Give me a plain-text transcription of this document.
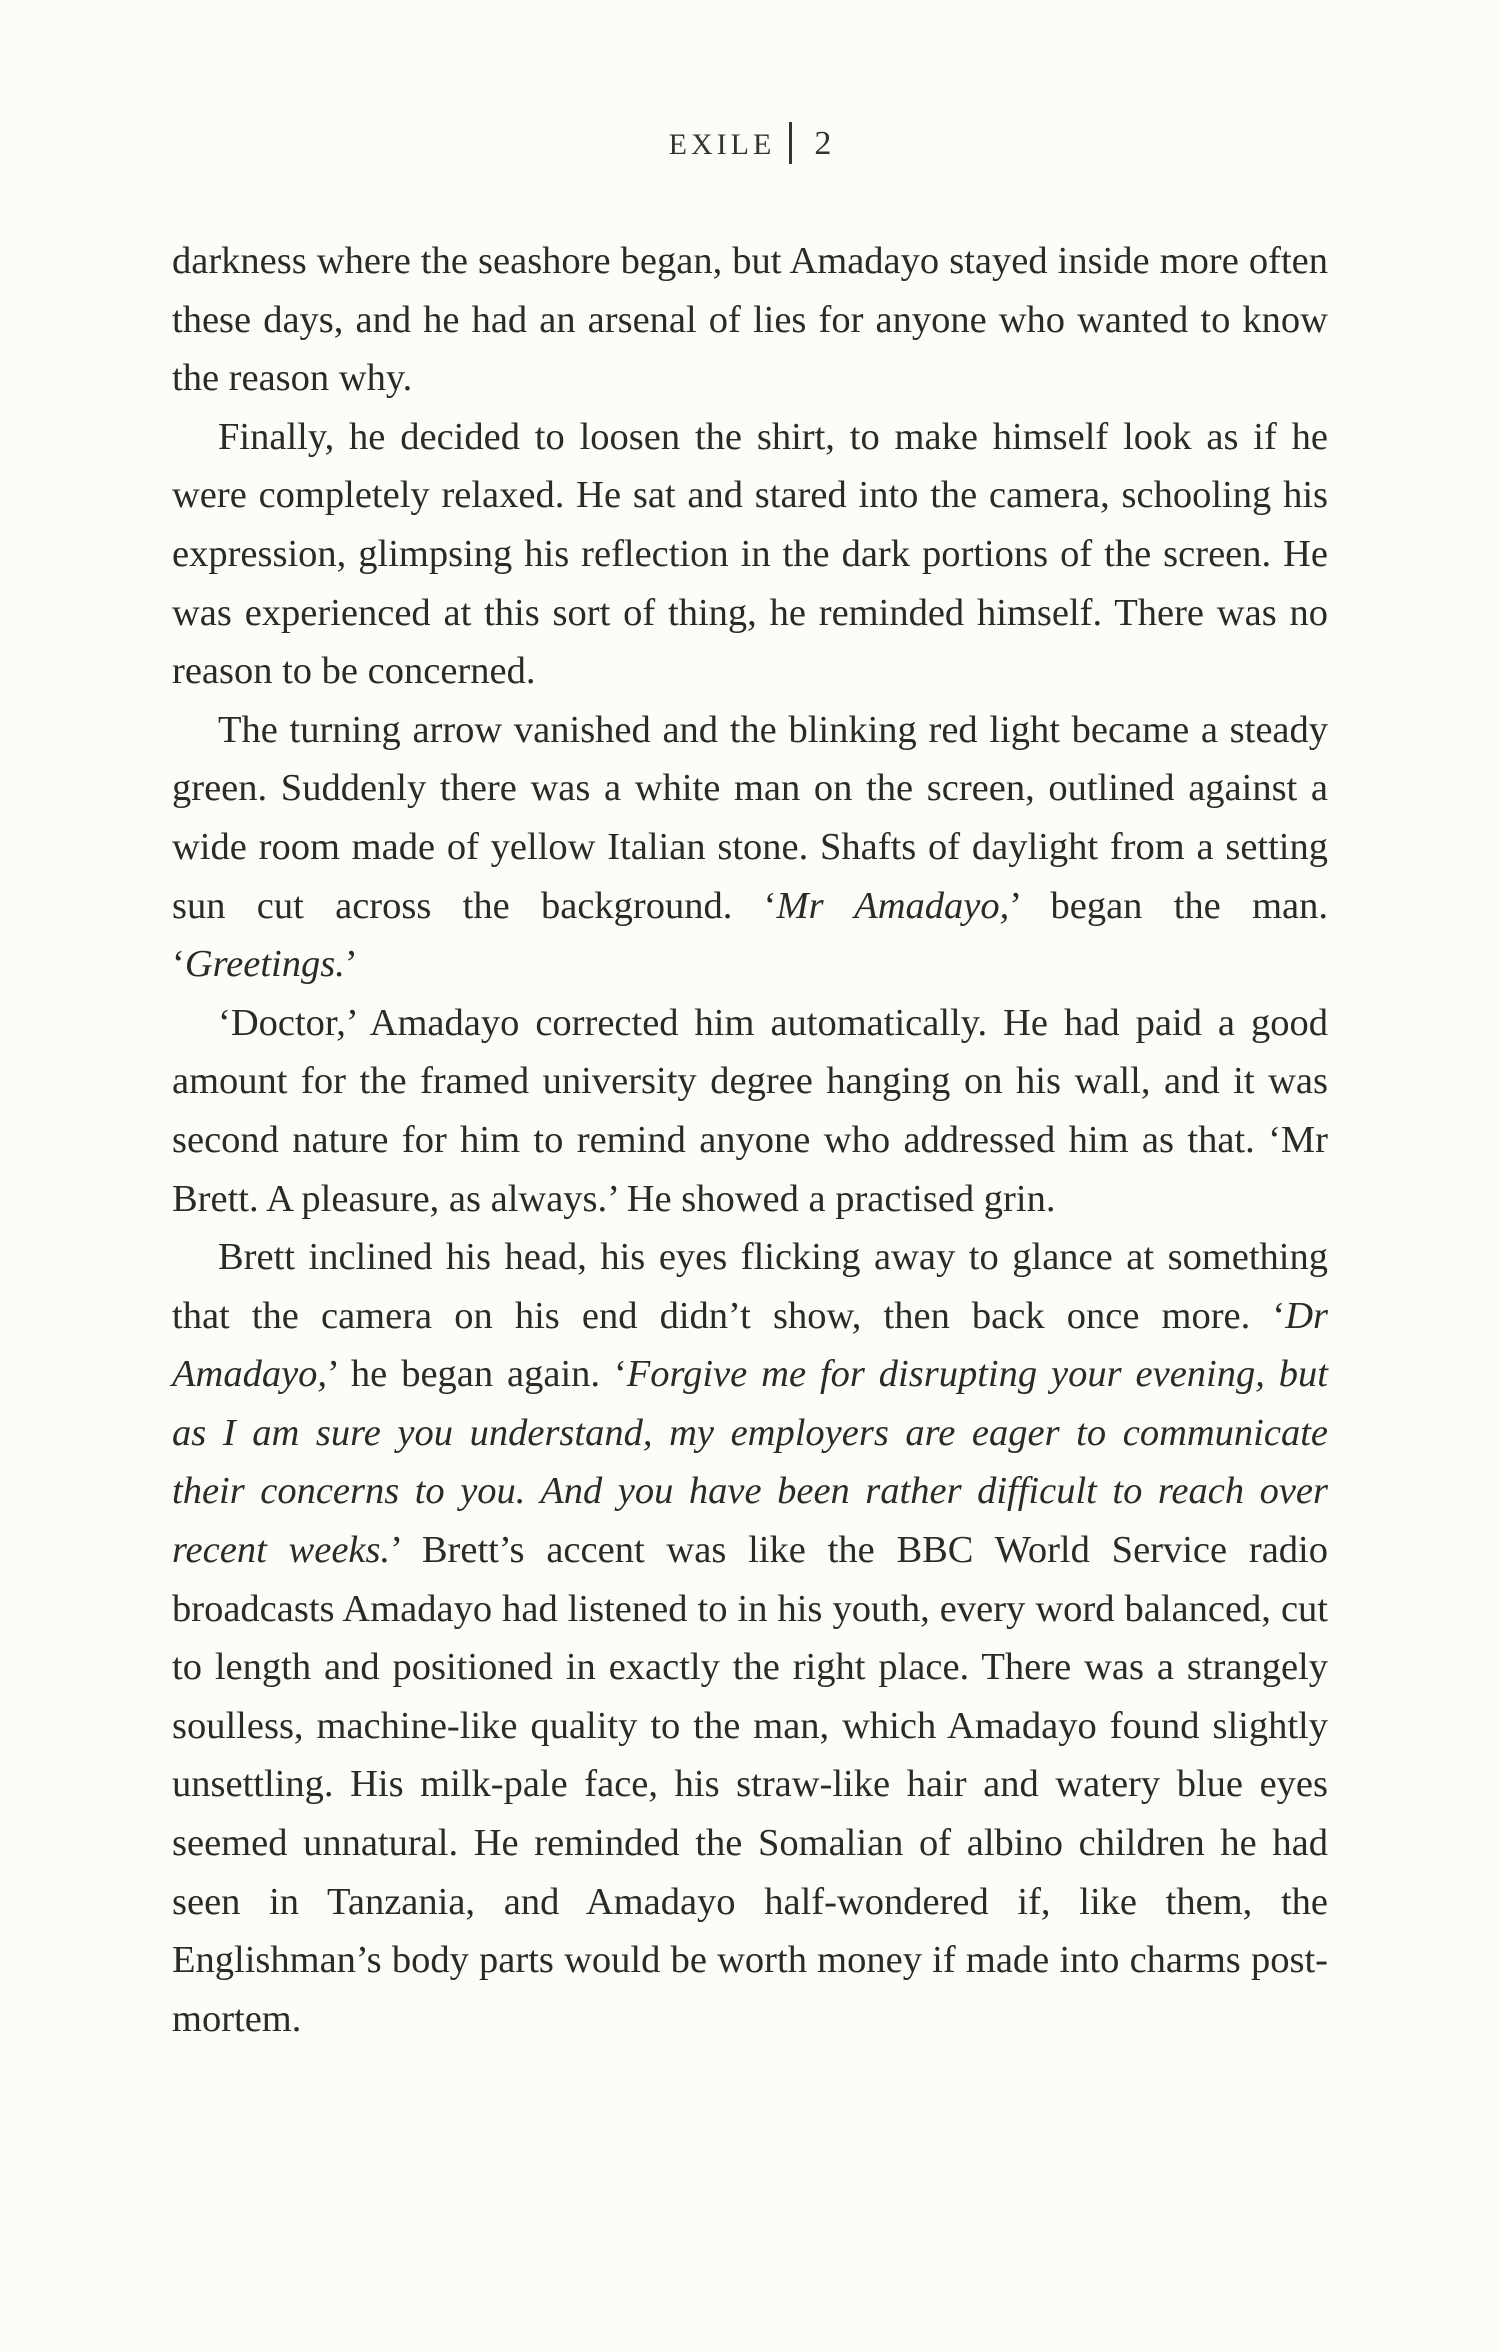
EXILE 2

darkness where the seashore began, but Amadayo stayed inside more often these days, and he had an arsenal of lies for anyone who wanted to know the reason why.

Finally, he decided to loosen the shirt, to make himself look as if he were completely relaxed. He sat and stared into the camera, schooling his expression, glimpsing his reflection in the dark portions of the screen. He was experienced at this sort of thing, he reminded himself. There was no reason to be concerned.

The turning arrow vanished and the blinking red light became a steady green. Suddenly there was a white man on the screen, outlined against a wide room made of yellow Italian stone. Shafts of daylight from a setting sun cut across the background. ‘Mr Amadayo,’ began the man. ‘Greetings.’

‘Doctor,’ Amadayo corrected him automatically. He had paid a good amount for the framed university degree hanging on his wall, and it was second nature for him to remind anyone who addressed him as that. ‘Mr Brett. A pleasure, as always.’ He showed a practised grin.

Brett inclined his head, his eyes flicking away to glance at something that the camera on his end didn’t show, then back once more. ‘Dr Amadayo,’ he began again. ‘Forgive me for disrupting your evening, but as I am sure you understand, my employers are eager to communicate their concerns to you. And you have been rather difficult to reach over recent weeks.’ Brett’s accent was like the BBC World Service radio broadcasts Amadayo had listened to in his youth, every word balanced, cut to length and positioned in exactly the right place. There was a strangely soulless, machine-like quality to the man, which Amadayo found slightly unsettling. His milk-pale face, his straw-like hair and watery blue eyes seemed unnatural. He reminded the Somalian of albino children he had seen in Tanzania, and Amadayo half-wondered if, like them, the Englishman’s body parts would be worth money if made into charms post-mortem.
